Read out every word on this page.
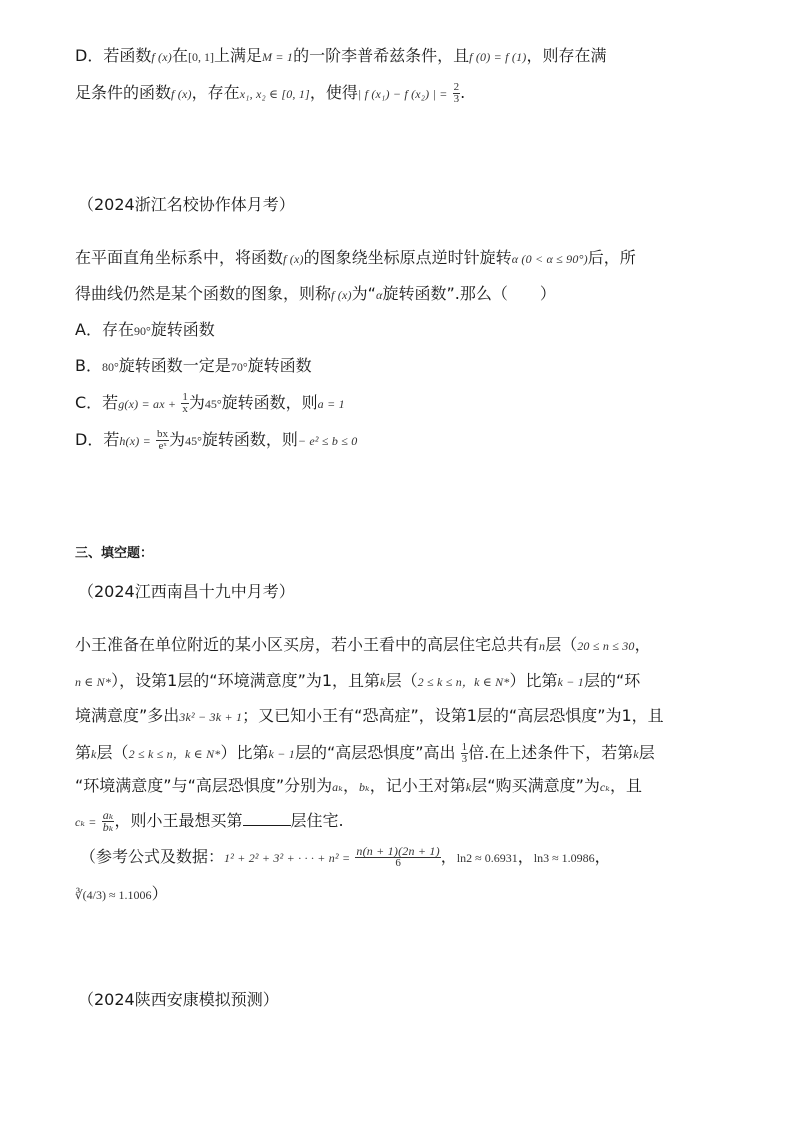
D．若函数f (x)在[0, 1]上满足M = 1的一阶李普希兹条件，且f (0) = f (1)，则存在满
足条件的函数f (x)，存在x₁, x₂ ∈ [0, 1]，使得| f (x₁) − f (x₂) | = $\frac{2}{3}$ .
（2024浙江名校协作体月考）
在平面直角坐标系中，将函数f (x)的图象绕坐标原点逆时针旋转α (0 < α ≤ 90°)后，所
得曲线仍然是某个函数的图象，则称f (x)为“α旋转函数”.那么（　　）
A．存在90°旋转函数
B．80°旋转函数一定是70°旋转函数
C．若g(x) = ax + $\frac{1}{x}$ 为45°旋转函数，则a = 1
D．若$h(x) = \frac{bx}{\text{eˣ}}$ 为45°旋转函数，则− e² ≤ b ≤ 0
三、填空题：
（2024江西南昌十九中月考）
小王准备在单位附近的某小区买房，若小王看中的高层住宅总共有n层（20 ≤ n ≤ 30，
n ∈ N*），设第1层的“环境满意度”为1，且第k层（2 ≤ k ≤ n，k ∈ N*）比第k − 1层的“环
境满意度”多出3k² − 3k + 1；又已知小王有“恐高症”，设第1层的“高层恐惧度”为1，且
第k层（2 ≤ k ≤ n，k ∈ N*）比第k − 1层的“高层恐惧度”高出 $\frac{1}{3}$ 倍.在上述条件下，若第k层
“环境满意度”与“高层恐惧度”分别为aₖ，bₖ，记小王对第k层“购买满意度”为cₖ，且
$c_k = \frac{\text{aₖ}}{\text{bₖ}}$ ，则小王最想买第	层住宅.
（参考公式及数据：1² + 2² + 3² + · · · + $n^2 = \frac{n(n + 1)(2n + 1)}{6}$ ，ln2 ≈ 0.6931，ln3 ≈ 1.0986，
∛(4/3) ≈ 1.1006）
（2024陕西安康模拟预测）
